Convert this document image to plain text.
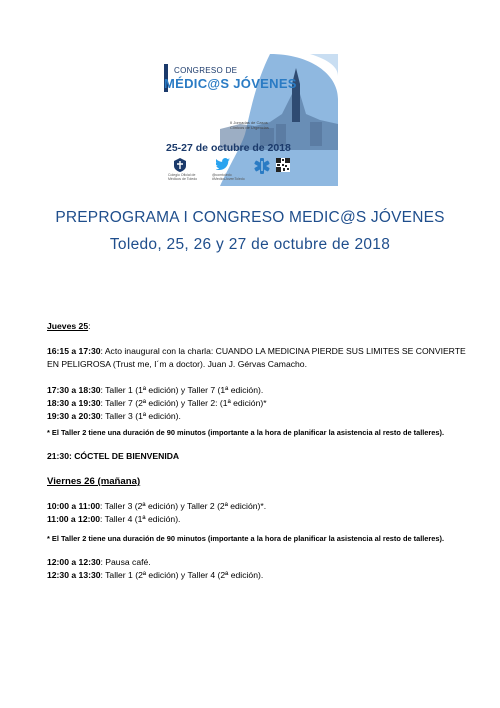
CONGRESO DE
MÉDIC@S JÓVENES
II Jornadas de Casos
Clínicos de Urgencias
25-27 de octubre de 2018
Colegio Oficial de
Médicos de Toledo
@comtoledo
#MedicsJovenToledo
PREPROGRAMA I CONGRESO MEDIC@S JÓVENES
Toledo, 25, 26 y 27 de octubre de 2018

Jueves 25:

16:15 a 17:30: Acto inaugural con la charla: CUANDO LA MEDICINA PIERDE SUS LIMITES SE CONVIERTE EN PELIGROSA (Trust me, I´m a doctor). Juan J. Gérvas Camacho.

17:30 a 18:30: Taller 1 (1ª edición) y Taller 7 (1ª edición).

18:30 a 19:30: Taller 7 (2ª edición) y Taller 2: (1ª edición)*

19:30 a 20:30: Taller 3 (1ª edición).

* El Taller 2 tiene una duración de 90 minutos (importante a la hora de planificar la asistencia al resto de talleres).

21:30: CÓCTEL DE BIENVENIDA

Viernes 26 (mañana)

10:00 a 11:00: Taller 3 (2ª edición) y Taller 2 (2ª edición)*.

11:00 a 12:00: Taller 4 (1ª edición).

* El Taller 2 tiene una duración de 90 minutos (importante a la hora de planificar la asistencia al resto de talleres).

12:00 a 12:30: Pausa café.

12:30 a 13:30: Taller 1 (2ª edición) y Taller 4 (2ª edición).
